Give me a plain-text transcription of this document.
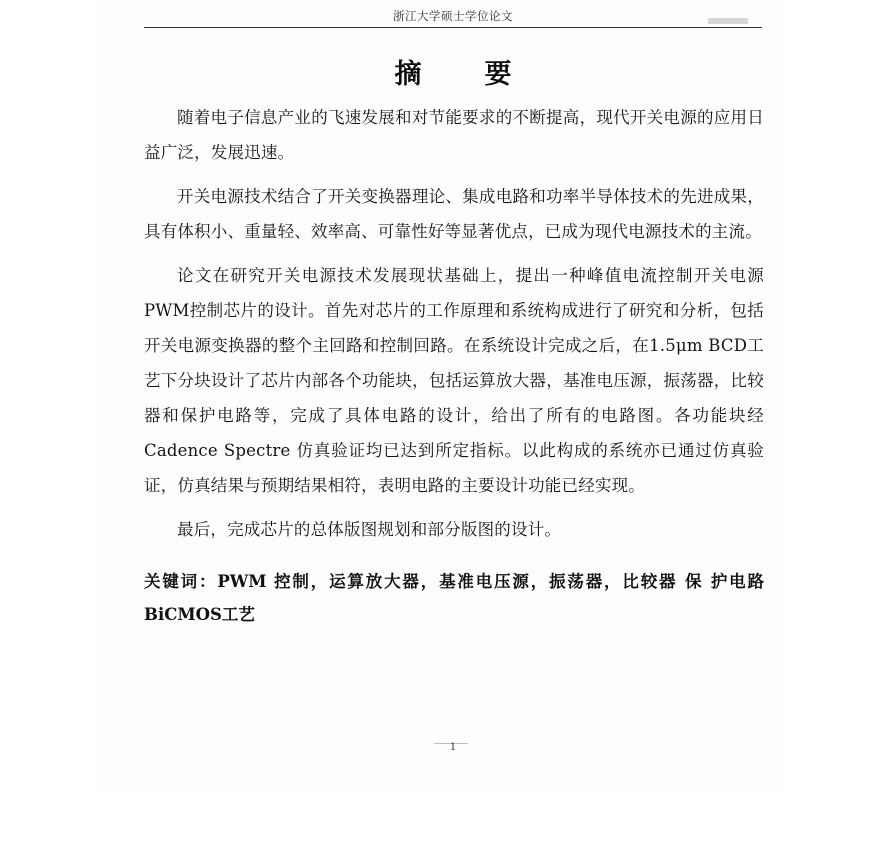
浙江大学硕士学位论文
摘　要

随着电子信息产业的飞速发展和对节能要求的不断提高，现代开关电源的应用日益广泛，发展迅速。

开关电源技术结合了开关变换器理论、集成电路和功率半导体技术的先进成果，具有体积小、重量轻、效率高、可靠性好等显著优点，已成为现代电源技术的主流。

论文在研究开关电源技术发展现状基础上，提出一种峰值电流控制开关电源PWM控制芯片的设计。首先对芯片的工作原理和系统构成进行了研究和分析，包括开关电源变换器的整个主回路和控制回路。在系统设计完成之后，在1.5μm BCD工艺下分块设计了芯片内部各个功能块，包括运算放大器，基准电压源，振荡器，比较器和保护电路等，完成了具体电路的设计，给出了所有的电路图。各功能块经Cadence Spectre 仿真验证均已达到所定指标。以此构成的系统亦已通过仿真验证，仿真结果与预期结果相符，表明电路的主要设计功能已经实现。

最后，完成芯片的总体版图规划和部分版图的设计。

关键词：PWM 控制，运算放大器，基准电压源，振荡器，比较器 保 护电路 BiCMOS工艺

1
